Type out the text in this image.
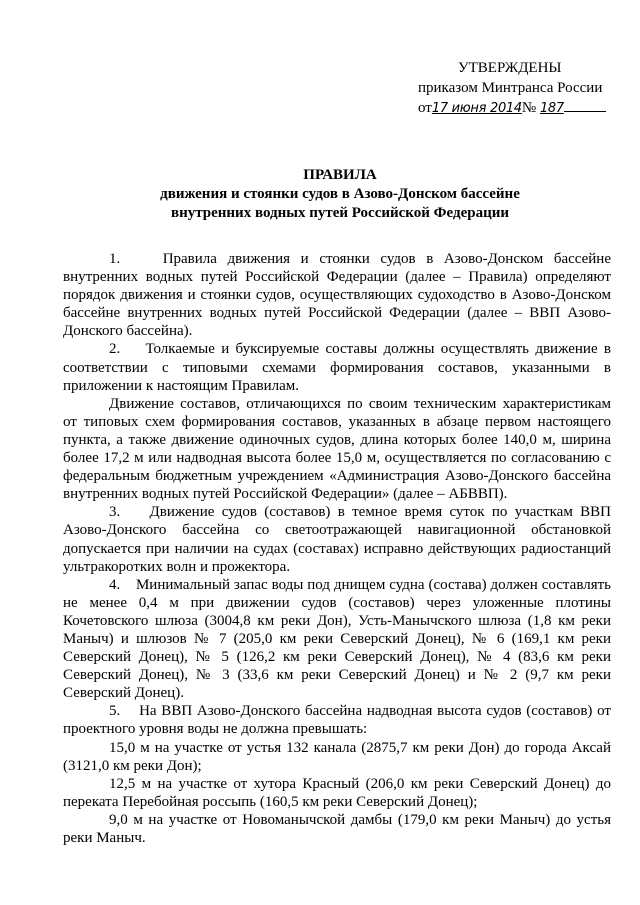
УТВЕРЖДЕНЫ
приказом Минтранса России
от17 июня 2014№ 187
ПРАВИЛА
движения и стоянки судов в Азово-Донском бассейне
внутренних водных путей Российской Федерации

1.    Правила движения и стоянки судов в Азово-Донском бассейне внутренних водных путей Российской Федерации (далее – Правила) определяют порядок движения и стоянки судов, осуществляющих судоходство в Азово-Донском бассейне внутренних водных путей Российской Федерации (далее – ВВП Азово-Донского бассейна).

2.    Толкаемые и буксируемые составы должны осуществлять движение в соответствии с типовыми схемами формирования составов, указанными в приложении к настоящим Правилам.

Движение составов, отличающихся по своим техническим характеристикам от типовых схем формирования составов, указанных в абзаце первом настоящего пункта, а также движение одиночных судов, длина которых более 140,0 м, ширина более 17,2 м или надводная высота более 15,0 м, осуществляется по согласованию с федеральным бюджетным учреждением «Администрация Азово-Донского бассейна внутренних водных путей Российской Федерации» (далее – АБВВП).

3.    Движение судов (составов) в темное время суток по участкам ВВП Азово-Донского бассейна со светоотражающей навигационной обстановкой допускается при наличии на судах (составах) исправно действующих радиостанций ультракоротких волн и прожектора.

4.    Минимальный запас воды под днищем судна (состава) должен составлять не менее 0,4 м при движении судов (составов) через уложенные плотины Кочетовского шлюза (3004,8 км реки Дон), Усть-Манычского шлюза (1,8 км реки Маныч) и шлюзов № 7 (205,0 км реки Северский Донец), № 6 (169,1 км реки Северский Донец), № 5 (126,2 км реки Северский Донец), № 4 (83,6 км реки Северский Донец), № 3 (33,6 км реки Северский Донец) и № 2 (9,7 км реки Северский Донец).

5.    На ВВП Азово-Донского бассейна надводная высота судов (составов) от проектного уровня воды не должна превышать:

15,0 м на участке от устья 132 канала (2875,7 км реки Дон) до города Аксай (3121,0 км реки Дон);

12,5 м на участке от хутора Красный (206,0 км реки Северский Донец) до переката Перебойная россыпь (160,5 км реки Северский Донец);

9,0 м на участке от Новоманычской дамбы (179,0 км реки Маныч) до устья реки Маныч.
